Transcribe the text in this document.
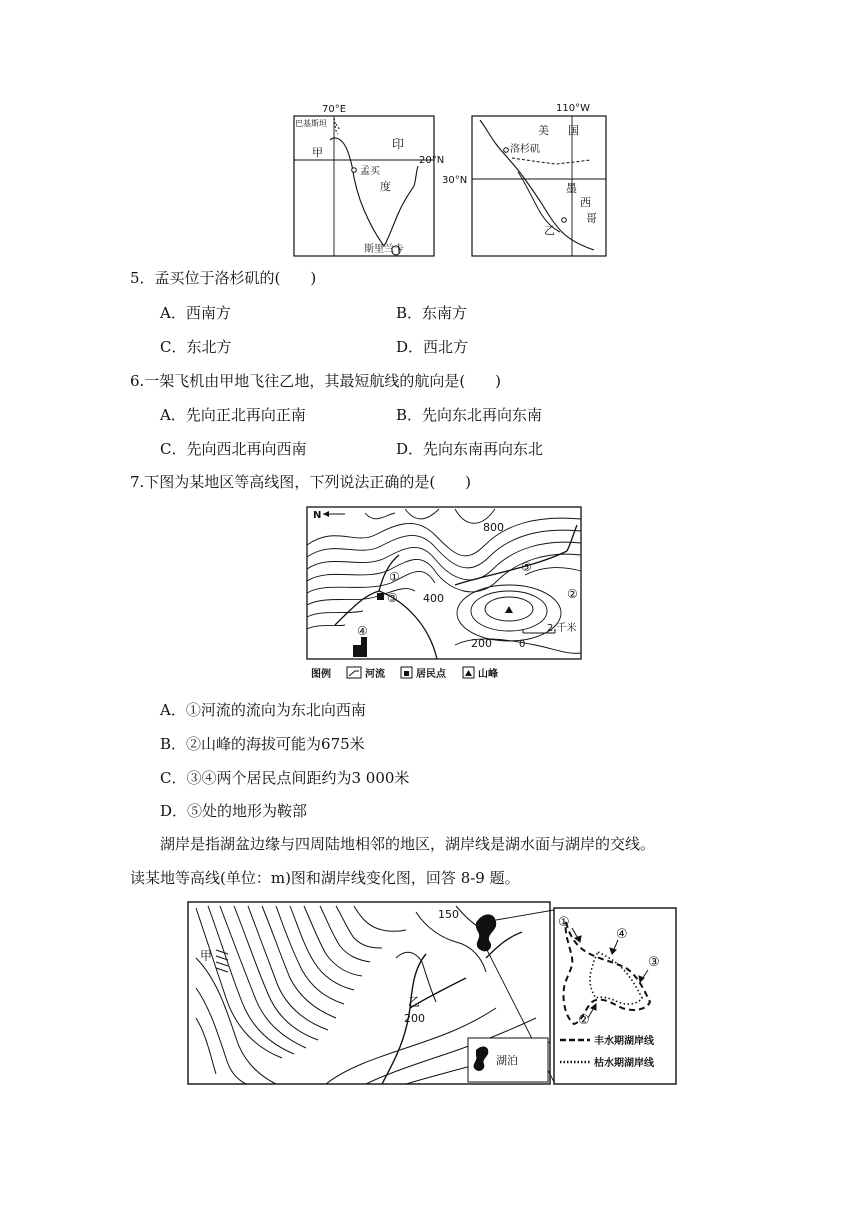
70°E
20°N
巴基斯坦
甲
印
孟买
度
斯里兰卡
110°W
30°N
美 国
洛杉矶
墨
西
哥
乙
5．孟买位于洛杉矶的(　　)
A．西南方	B．东南方
C．东北方	D．西北方
6.一架飞机由甲地飞往乙地，其最短航线的航向是(　　)
A．先向正北再向正南	B．先向东北再向东南
C．先向西北再向西南	D．先向东南再向东北
7.下图为某地区等高线图，下列说法正确的是(　　)
N
①
②
③
④
⑤
800
400
200	0
2 千米
图例	河流	居民点	山峰
A．①河流的流向为东北向西南
B．②山峰的海拔可能为675米
C．③④两个居民点间距约为3 000米
D．⑤处的地形为鞍部
湖岸是指湖盆边缘与四周陆地相邻的地区，湖岸线是湖水面与湖岸的交线。
读某地等高线(单位：m)图和湖岸线变化图，回答 8-9 题。
湖泊
甲
乙
150
200
①
②
③
④
丰水期湖岸线
枯水期湖岸线
